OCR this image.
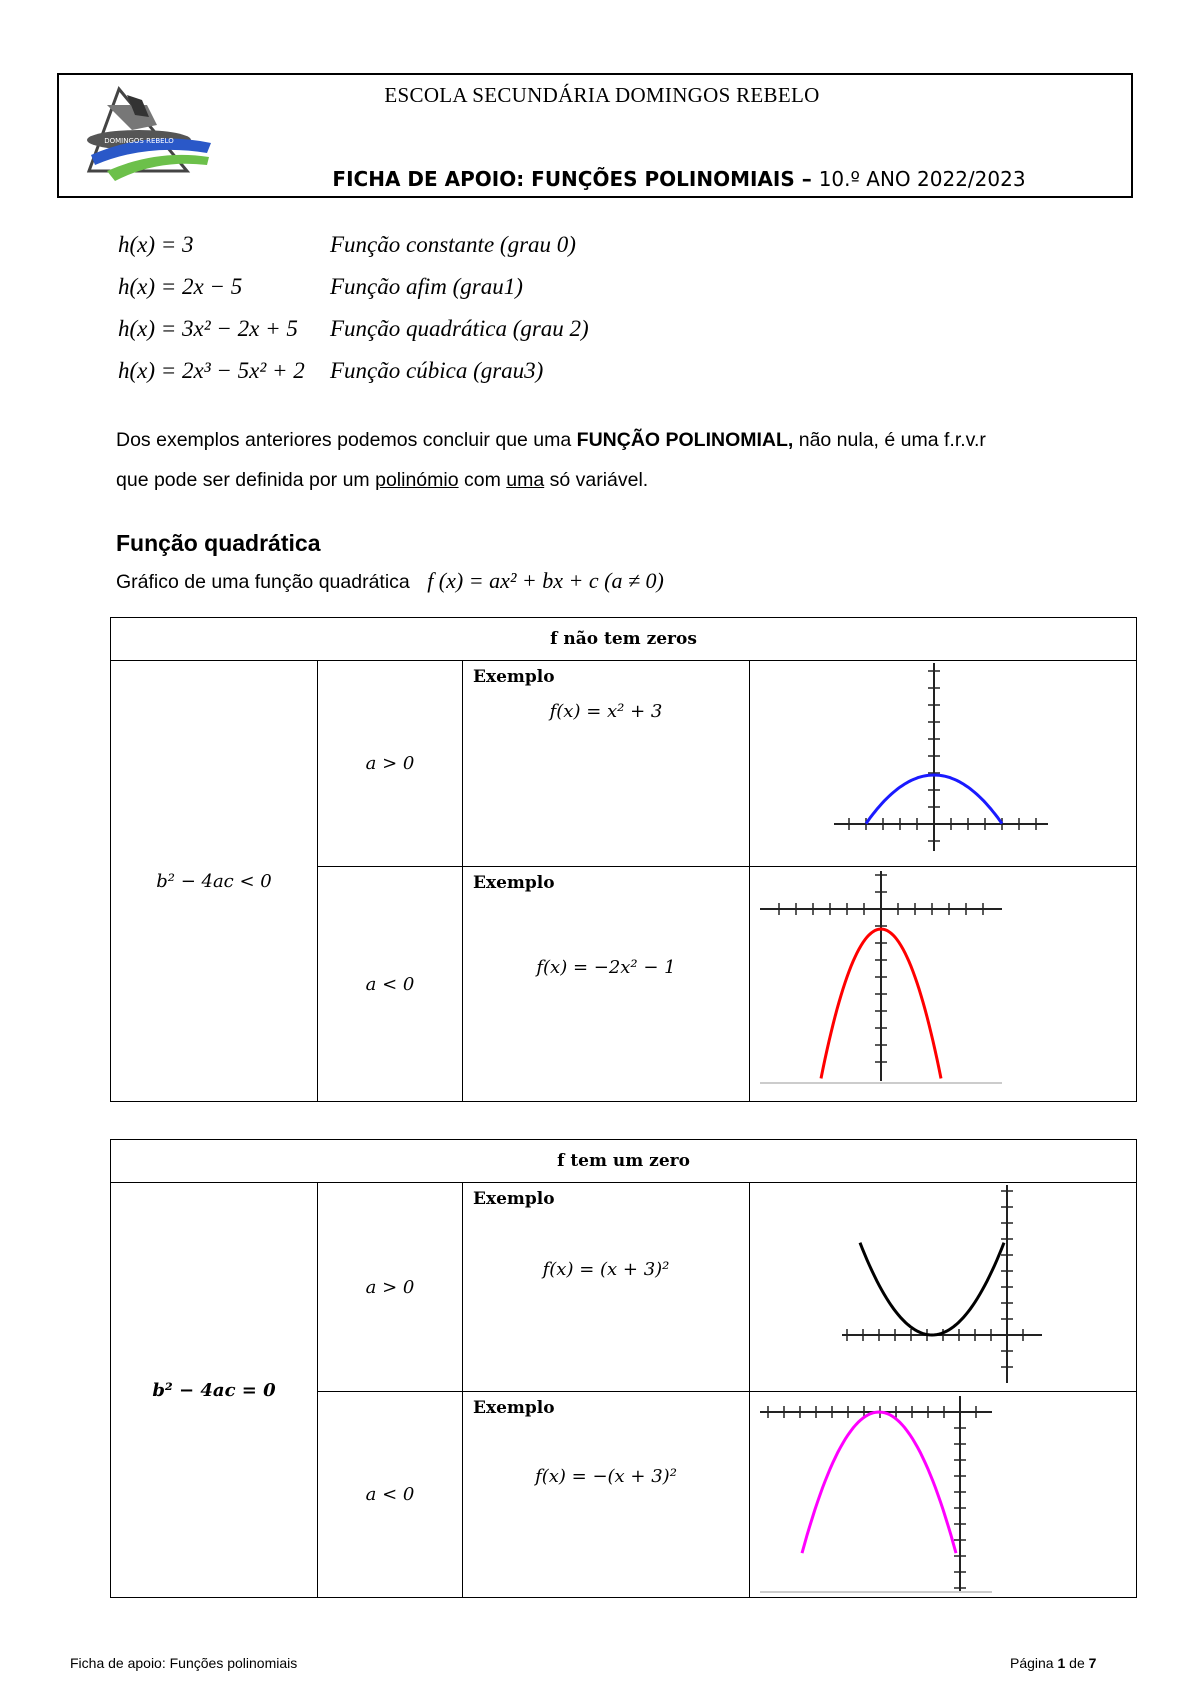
DOMINGOS REBELO
ESCOLA SECUNDÁRIA DOMINGOS REBELO
FICHA DE APOIO: FUNÇÕES POLINOMIAIS – 10.º ANO 2022/2023
h(x) = 3	Função constante (grau 0)
h(x) = 2x − 5	Função afim (grau1)
h(x) = 3x² − 2x + 5 Função quadrática (grau 2)
h(x) = 2x³ − 5x² + 2 Função cúbica (grau3)
Dos exemplos anteriores podemos concluir que uma FUNÇÃO POLINOMIAL, não nula, é uma f.r.v.r
que pode ser definida por um polinómio com uma só variável.
Função quadrática
Gráfico de uma função quadrática f (x) = ax² + bx + c (a ≠ 0)
f não tem zeros			
b² − 4ac < 0	a > 0	Exemplo
f(x) = x² + 3

	a < 0	Exemplo
f(x) = −2x² − 1

f tem um zero			
b² − 4ac = 0	a > 0	Exemplo
f(x) = (x + 3)²

	a < 0	Exemplo
f(x) = −(x + 3)²

Ficha de apoio: Funções polinomiais	Página 1 de 7
